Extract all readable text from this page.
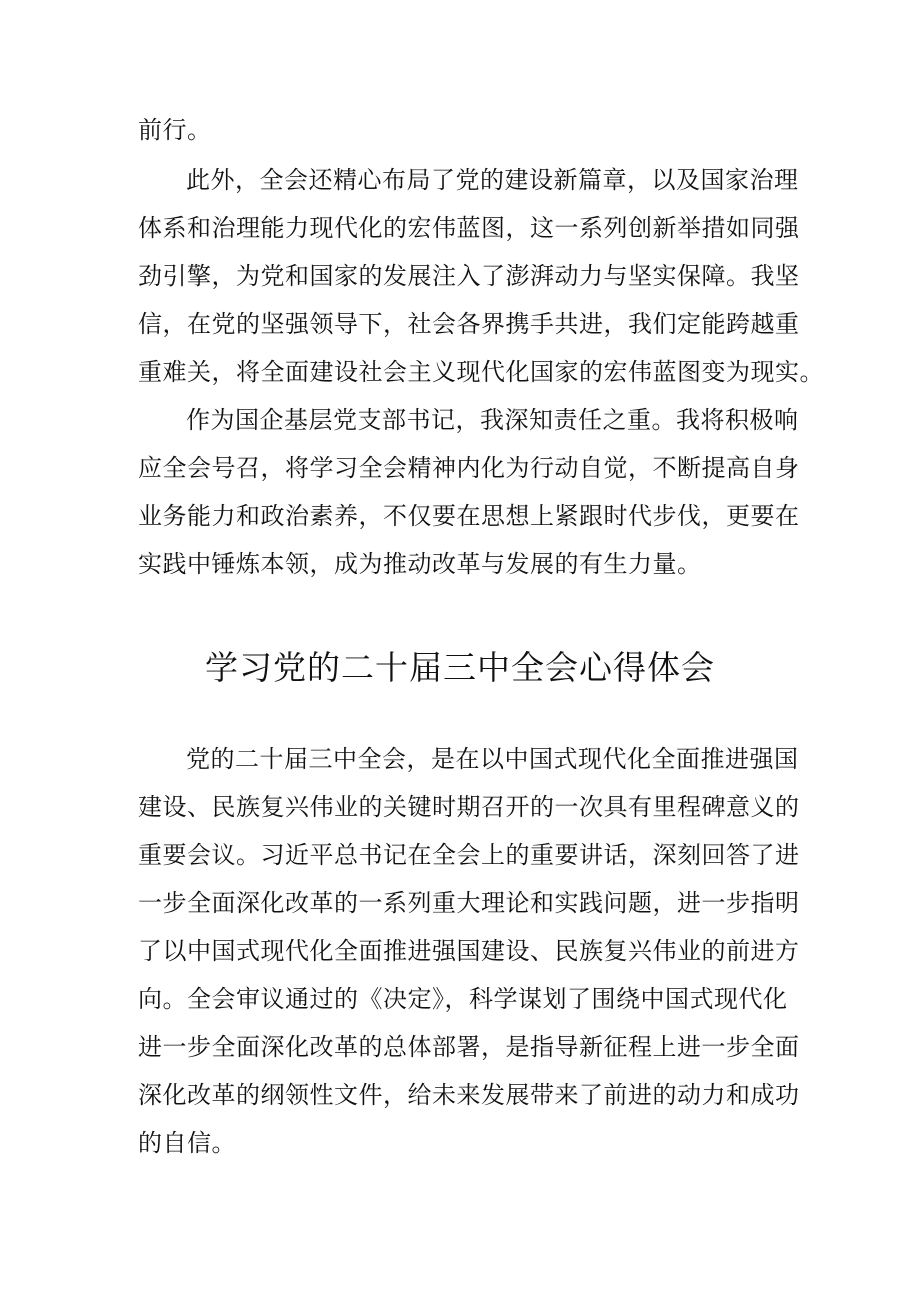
前行。
此外，全会还精心布局了党的建设新篇章，以及国家治理
体系和治理能力现代化的宏伟蓝图，这一系列创新举措如同强
劲引擎，为党和国家的发展注入了澎湃动力与坚实保障。我坚
信，在党的坚强领导下，社会各界携手共进，我们定能跨越重
重难关，将全面建设社会主义现代化国家的宏伟蓝图变为现实。
作为国企基层党支部书记，我深知责任之重。我将积极响
应全会号召，将学习全会精神内化为行动自觉，不断提高自身
业务能力和政治素养，不仅要在思想上紧跟时代步伐，更要在
实践中锤炼本领，成为推动改革与发展的有生力量。
学习党的二十届三中全会心得体会
党的二十届三中全会，是在以中国式现代化全面推进强国
建设、民族复兴伟业的关键时期召开的一次具有里程碑意义的
重要会议。习近平总书记在全会上的重要讲话，深刻回答了进
一步全面深化改革的一系列重大理论和实践问题，进一步指明
了以中国式现代化全面推进强国建设、民族复兴伟业的前进方
向。全会审议通过的《决定》，科学谋划了围绕中国式现代化
进一步全面深化改革的总体部署，是指导新征程上进一步全面
深化改革的纲领性文件，给未来发展带来了前进的动力和成功
的自信。
